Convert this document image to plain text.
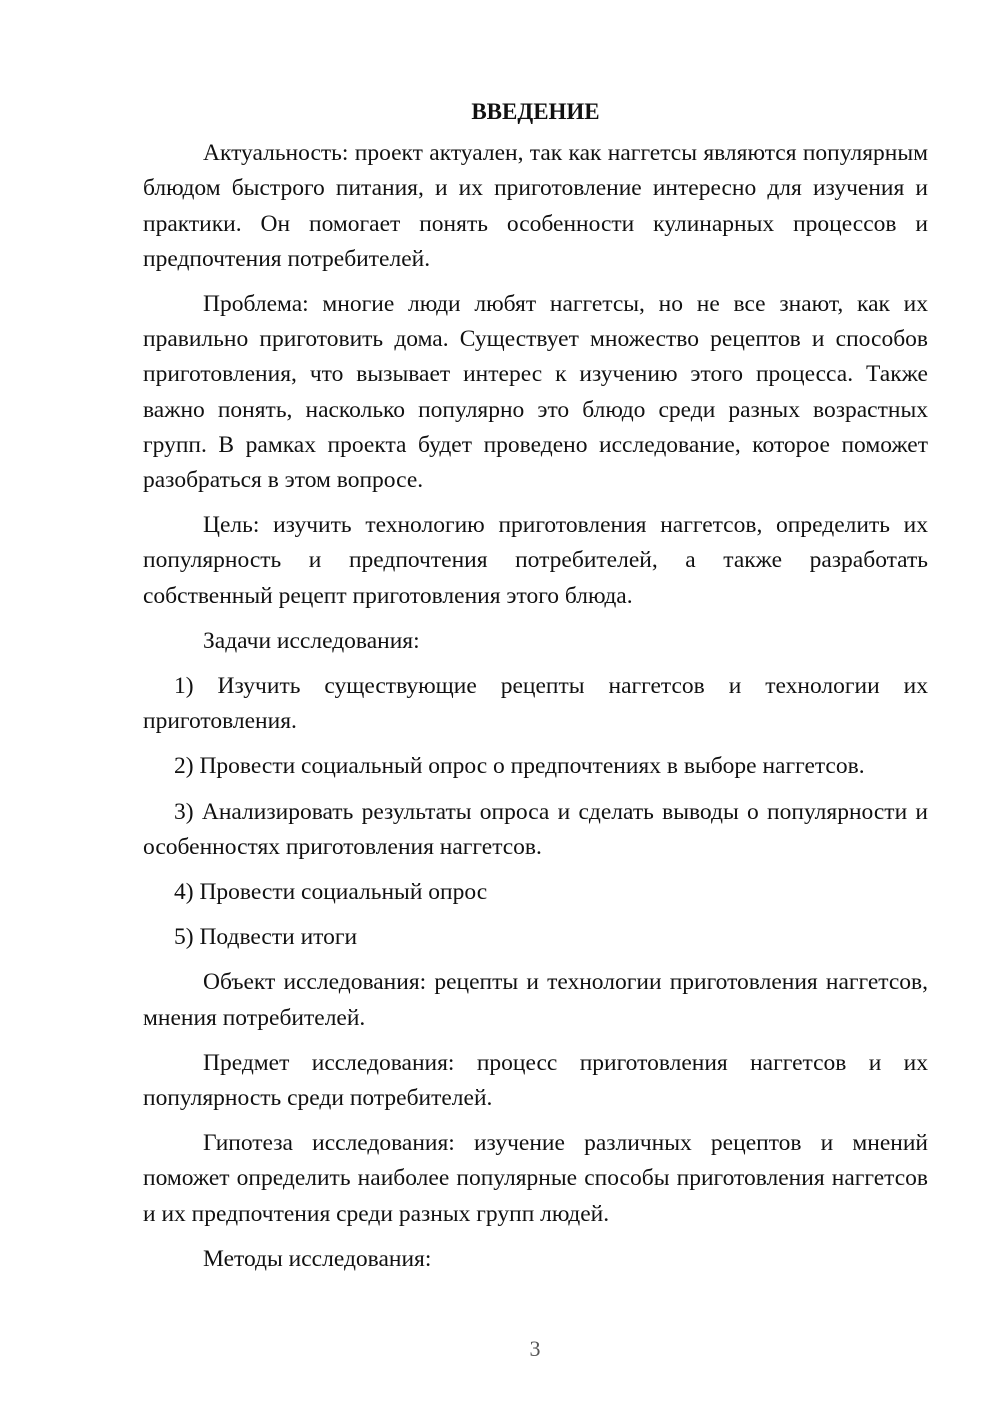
ВВЕДЕНИЕ

Актуальность: проект актуален, так как наггетсы являются популярным блюдом быстрого питания, и их приготовление интересно для изучения и практики. Он помогает понять особенности кулинарных процессов и предпочтения потребителей.

Проблема: многие люди любят наггетсы, но не все знают, как их правильно приготовить дома. Существует множество рецептов и способов приготовления, что вызывает интерес к изучению этого процесса. Также важно понять, насколько популярно это блюдо среди разных возрастных групп. В рамках проекта будет проведено исследование, которое поможет разобраться в этом вопросе.

Цель: изучить технологию приготовления наггетсов, определить их популярность и предпочтения потребителей, а также разработать собственный рецепт приготовления этого блюда.

Задачи исследования:

1) Изучить существующие рецепты наггетсов и технологии их приготовления.

2) Провести социальный опрос о предпочтениях в выборе наггетсов.

3) Анализировать результаты опроса и сделать выводы о популярности и особенностях приготовления наггетсов.

4) Провести социальный опрос

5) Подвести итоги

Объект исследования: рецепты и технологии приготовления наггетсов, мнения потребителей.

Предмет исследования: процесс приготовления наггетсов и их популярность среди потребителей.

Гипотеза исследования: изучение различных рецептов и мнений поможет определить наиболее популярные способы приготовления наггетсов и их предпочтения среди разных групп людей.

Методы исследования:

3
